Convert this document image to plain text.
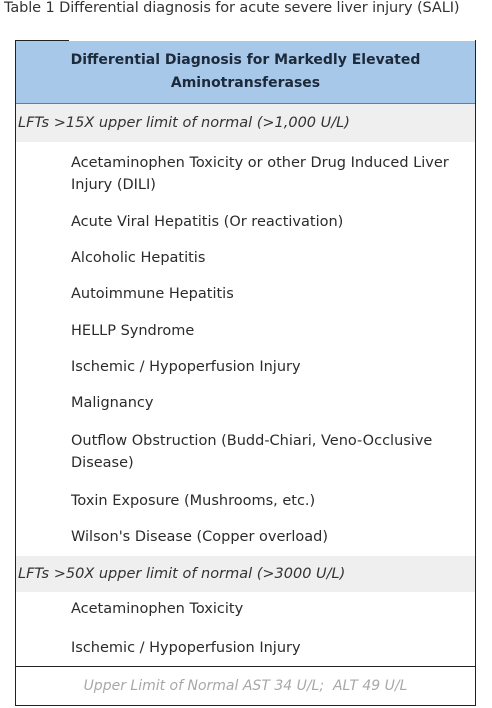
Table 1 Differential diagnosis for acute severe liver injury (SALI)
Differential Diagnosis for Markedly Elevated Aminotransferases
LFTs >15X upper limit of normal (>1,000 U/L)
Acetaminophen Toxicity or other Drug Induced Liver Injury (DILI)
Acute Viral Hepatitis (Or reactivation)
Alcoholic Hepatitis
Autoimmune Hepatitis
HELLP Syndrome
Ischemic / Hypoperfusion Injury
Malignancy
Outflow Obstruction (Budd-Chiari, Veno-Occlusive Disease)
Toxin Exposure (Mushrooms, etc.)
Wilson's Disease (Copper overload)
LFTs >50X upper limit of normal (>3000 U/L)
Acetaminophen Toxicity
Ischemic / Hypoperfusion Injury
Upper Limit of Normal AST 34 U/L;  ALT 49 U/L
